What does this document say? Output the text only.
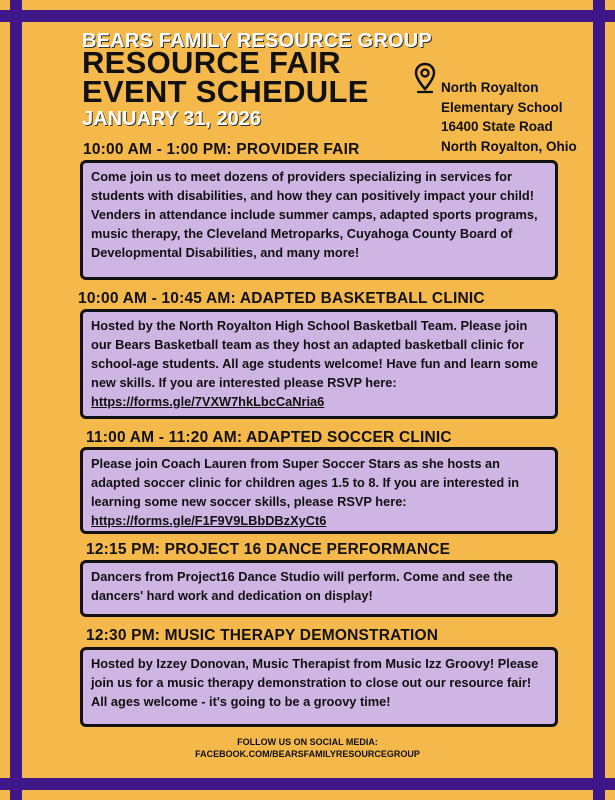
BEARS FAMILY RESOURCE GROUP
RESOURCE FAIR
EVENT SCHEDULE
JANUARY 31, 2026
North Royalton
Elementary School
16400 State Road
North Royalton, Ohio
10:00 AM - 1:00 PM: PROVIDER FAIR

Come join us to meet dozens of providers specializing in services for students with disabilities, and how they can positively impact your child! Venders in attendance include summer camps, adapted sports programs, music therapy, the Cleveland Metroparks, Cuyahoga County Board of Developmental Disabilities, and many more!

10:00 AM - 10:45 AM: ADAPTED BASKETBALL CLINIC

Hosted by the North Royalton High School Basketball Team. Please join our Bears Basketball team as they host an adapted basketball clinic for school-age students. All age students welcome! Have fun and learn some new skills. If you are interested please RSVP here: https://forms.gle/7VXW7hkLbcCaNria6

11:00 AM - 11:20 AM: ADAPTED SOCCER CLINIC

Please join Coach Lauren from Super Soccer Stars as she hosts an adapted soccer clinic for children ages 1.5 to 8. If you are interested in learning some new soccer skills, please RSVP here: https://forms.gle/F1F9V9LBbDBzXyCt6

12:15 PM: PROJECT 16 DANCE PERFORMANCE

Dancers from Project16 Dance Studio will perform. Come and see the dancers' hard work and dedication on display!

12:30 PM: MUSIC THERAPY DEMONSTRATION

Hosted by Izzey Donovan, Music Therapist from Music Izz Groovy! Please join us for a music therapy demonstration to close out our resource fair! All ages welcome - it's going to be a groovy time!

FOLLOW US ON SOCIAL MEDIA:
FACEBOOK.COM/BEARSFAMILYRESOURCEGROUP
